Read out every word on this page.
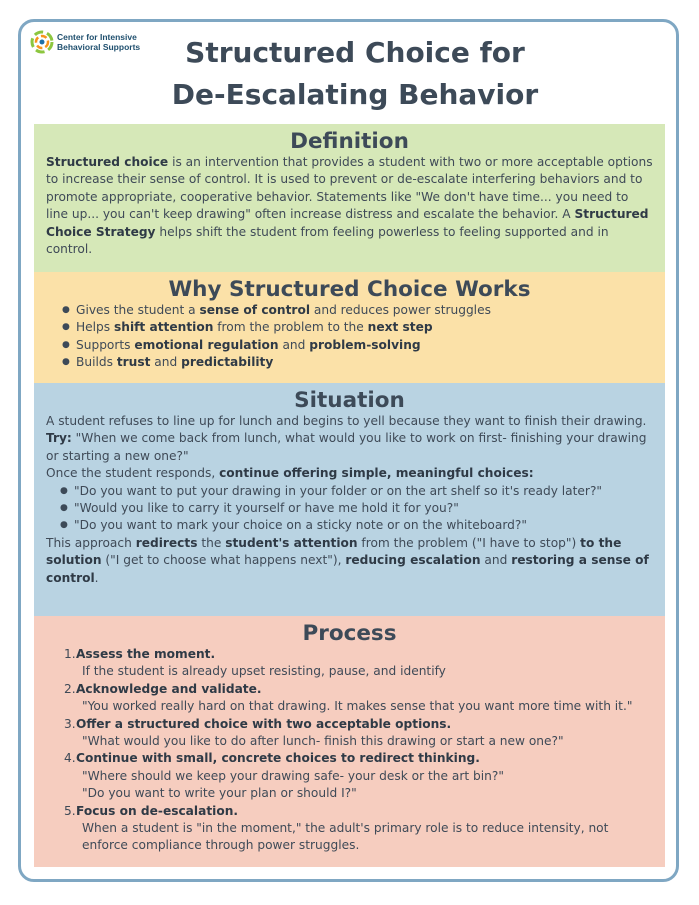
Center for Intensive
Behavioral Supports	Structured Choice for
De-Escalating Behavior
Definition

Structured choice is an intervention that provides a student with two or more acceptable options to increase their sense of control. It is used to prevent or de-escalate interfering behaviors and to promote appropriate, cooperative behavior. Statements like "We don't have time... you need to line up... you can't keep drawing" often increase distress and escalate the behavior. A Structured Choice Strategy helps shift the student from feeling powerless to feeling supported and in control.

Why Structured Choice Works
● Gives the student a sense of control and reduces power struggles
● Helps shift attention from the problem to the next step
● Supports emotional regulation and problem-solving
● Builds trust and predictability
Situation

A student refuses to line up for lunch and begins to yell because they want to finish their drawing.

Try: "When we come back from lunch, what would you like to work on first- finishing your drawing or starting a new one?"

Once the student responds, continue offering simple, meaningful choices:

● "Do you want to put your drawing in your folder or on the art shelf so it's ready later?"
● "Would you like to carry it yourself or have me hold it for you?"
● "Do you want to mark your choice on a sticky note or on the whiteboard?"

This approach redirects the student's attention from the problem ("I have to stop") to the solution ("I get to choose what happens next"), reducing escalation and restoring a sense of control.

Process
1. Assess the moment.
If the student is already upset resisting, pause, and identify
2. Acknowledge and validate.
"You worked really hard on that drawing. It makes sense that you want more time with it."
3. Offer a structured choice with two acceptable options.
"What would you like to do after lunch- finish this drawing or start a new one?"
4. Continue with small, concrete choices to redirect thinking.
"Where should we keep your drawing safe- your desk or the art bin?"
"Do you want to write your plan or should I?"
5. Focus on de-escalation.
When a student is "in the moment," the adult's primary role is to reduce intensity, not enforce compliance through power struggles.
